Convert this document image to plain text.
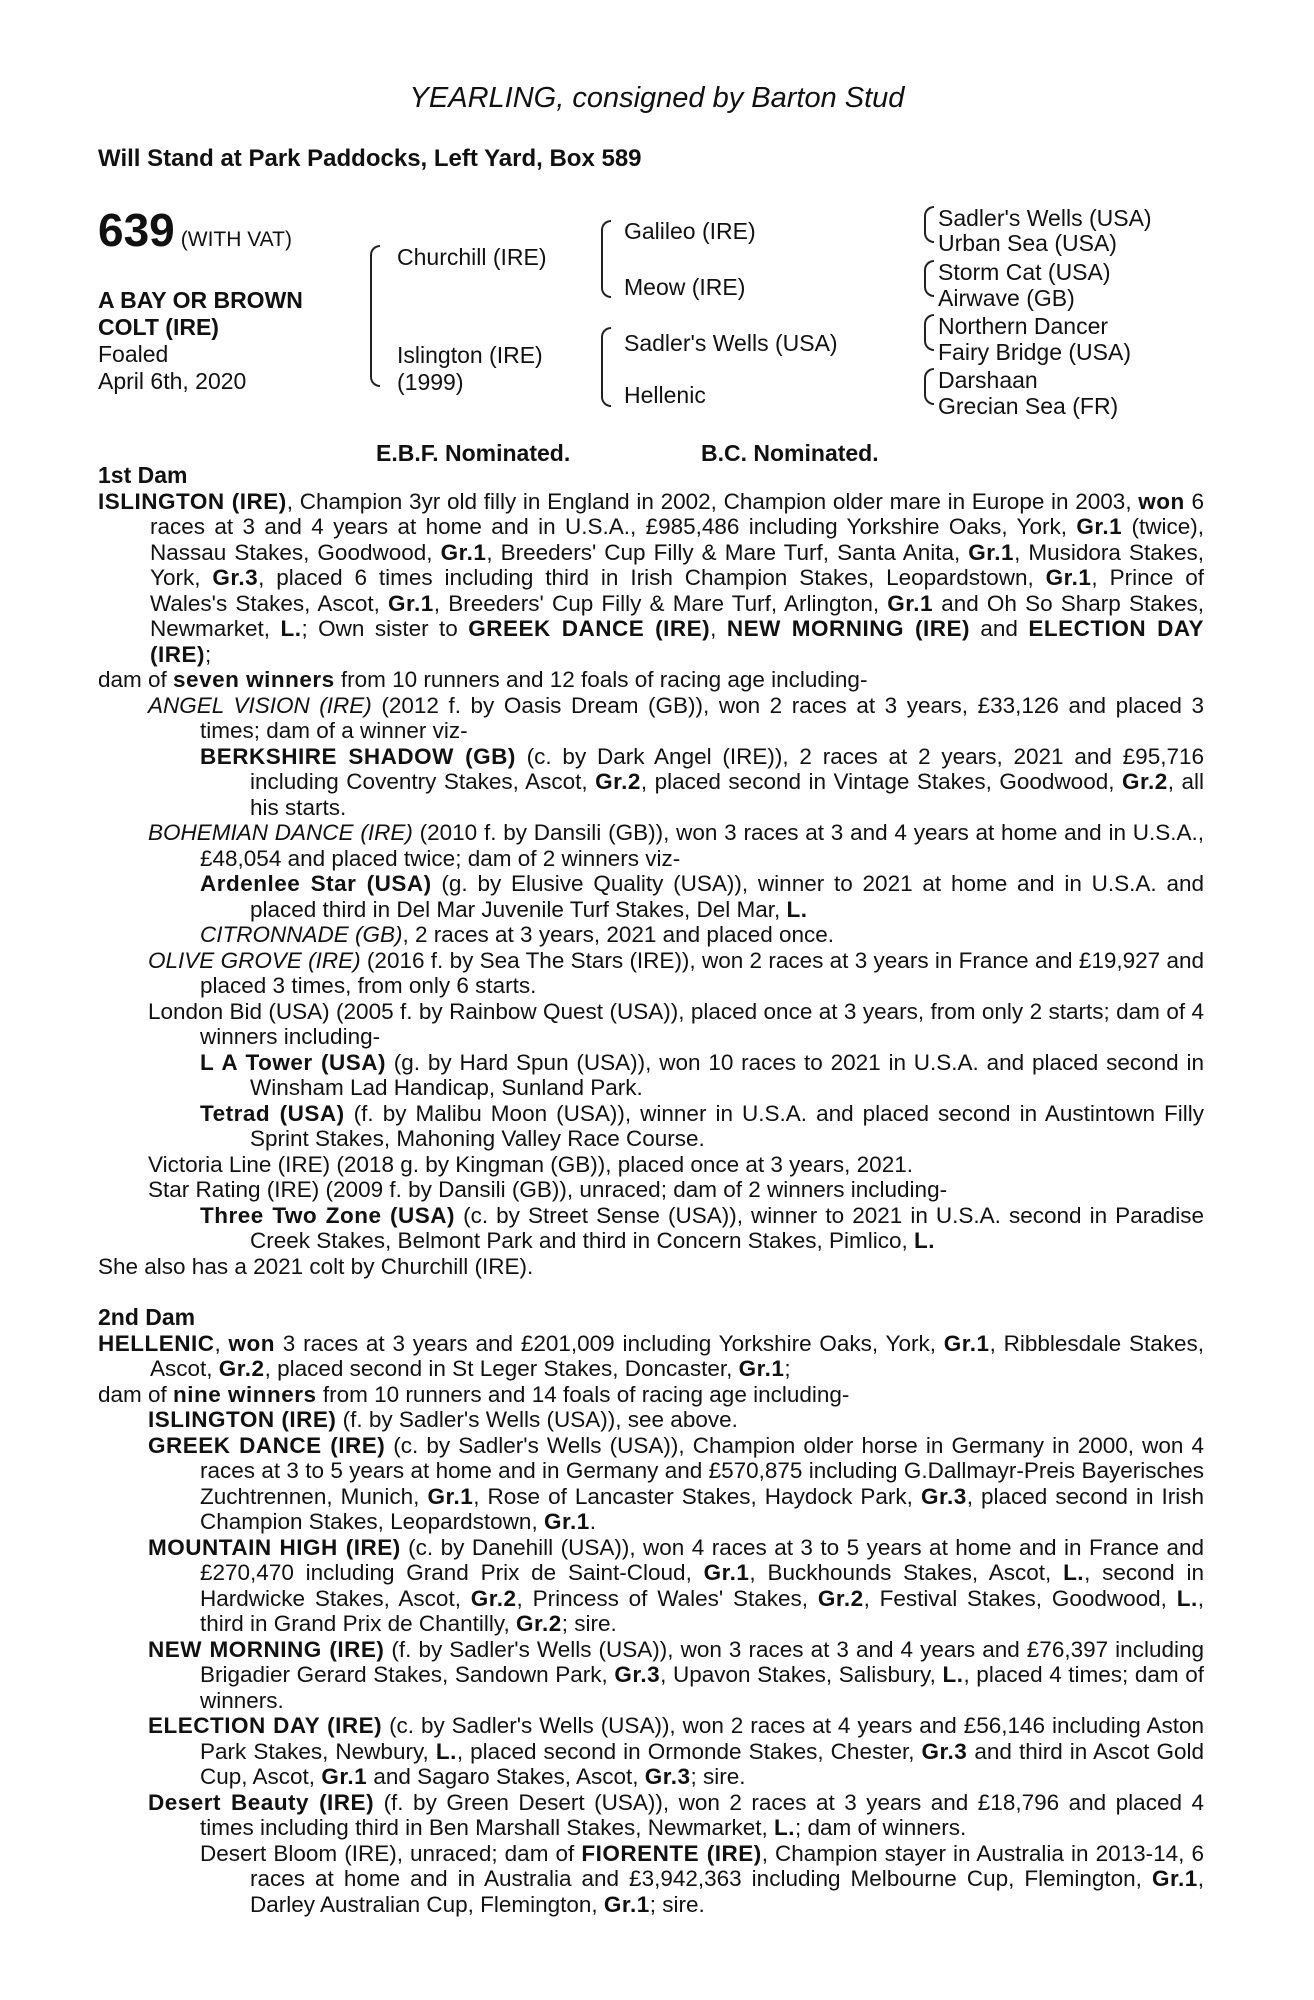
YEARLING, consigned by Barton Stud
Will Stand at Park Paddocks, Left Yard, Box 589
639 (WITH VAT)
A BAY OR BROWN
COLT (IRE)
Foaled
April 6th, 2020
Churchill (IRE)
Islington (IRE)
(1999)
Galileo (IRE)
Meow (IRE)
Sadler's Wells (USA)
Hellenic
Sadler's Wells (USA)
Urban Sea (USA)
Storm Cat (USA)
Airwave (GB)
Northern Dancer
Fairy Bridge (USA)
Darshaan
Grecian Sea (FR)
E.B.F. Nominated.	B.C. Nominated.

1st Dam

ISLINGTON (IRE), Champion 3yr old filly in England in 2002, Champion older mare in Europe in 2003, won 6 races at 3 and 4 years at home and in U.S.A., £985,486 including Yorkshire Oaks, York, Gr.1 (twice), Nassau Stakes, Goodwood, Gr.1, Breeders' Cup Filly & Mare Turf, Santa Anita, Gr.1, Musidora Stakes, York, Gr.3, placed 6 times including third in Irish Champion Stakes, Leopardstown, Gr.1, Prince of Wales's Stakes, Ascot, Gr.1, Breeders' Cup Filly & Mare Turf, Arlington, Gr.1 and Oh So Sharp Stakes, Newmarket, L.; Own sister to GREEK DANCE (IRE), NEW MORNING (IRE) and ELECTION DAY (IRE);

dam of seven winners from 10 runners and 12 foals of racing age including-

ANGEL VISION (IRE) (2012 f. by Oasis Dream (GB)), won 2 races at 3 years, £33,126 and placed 3 times; dam of a winner viz-

BERKSHIRE SHADOW (GB) (c. by Dark Angel (IRE)), 2 races at 2 years, 2021 and £95,716 including Coventry Stakes, Ascot, Gr.2, placed second in Vintage Stakes, Goodwood, Gr.2, all his starts.

BOHEMIAN DANCE (IRE) (2010 f. by Dansili (GB)), won 3 races at 3 and 4 years at home and in U.S.A., £48,054 and placed twice; dam of 2 winners viz-

Ardenlee Star (USA) (g. by Elusive Quality (USA)), winner to 2021 at home and in U.S.A. and placed third in Del Mar Juvenile Turf Stakes, Del Mar, L.

CITRONNADE (GB), 2 races at 3 years, 2021 and placed once.

OLIVE GROVE (IRE) (2016 f. by Sea The Stars (IRE)), won 2 races at 3 years in France and £19,927 and placed 3 times, from only 6 starts.

London Bid (USA) (2005 f. by Rainbow Quest (USA)), placed once at 3 years, from only 2 starts; dam of 4 winners including-

L A Tower (USA) (g. by Hard Spun (USA)), won 10 races to 2021 in U.S.A. and placed second in Winsham Lad Handicap, Sunland Park.

Tetrad (USA) (f. by Malibu Moon (USA)), winner in U.S.A. and placed second in Austintown Filly Sprint Stakes, Mahoning Valley Race Course.

Victoria Line (IRE) (2018 g. by Kingman (GB)), placed once at 3 years, 2021.

Star Rating (IRE) (2009 f. by Dansili (GB)), unraced; dam of 2 winners including-

Three Two Zone (USA) (c. by Street Sense (USA)), winner to 2021 in U.S.A. second in Paradise Creek Stakes, Belmont Park and third in Concern Stakes, Pimlico, L.

She also has a 2021 colt by Churchill (IRE).

2nd Dam

HELLENIC, won 3 races at 3 years and £201,009 including Yorkshire Oaks, York, Gr.1, Ribblesdale Stakes, Ascot, Gr.2, placed second in St Leger Stakes, Doncaster, Gr.1;

dam of nine winners from 10 runners and 14 foals of racing age including-

ISLINGTON (IRE) (f. by Sadler's Wells (USA)), see above.

GREEK DANCE (IRE) (c. by Sadler's Wells (USA)), Champion older horse in Germany in 2000, won 4 races at 3 to 5 years at home and in Germany and £570,875 including G.Dallmayr-Preis Bayerisches Zuchtrennen, Munich, Gr.1, Rose of Lancaster Stakes, Haydock Park, Gr.3, placed second in Irish Champion Stakes, Leopardstown, Gr.1.

MOUNTAIN HIGH (IRE) (c. by Danehill (USA)), won 4 races at 3 to 5 years at home and in France and £270,470 including Grand Prix de Saint-Cloud, Gr.1, Buckhounds Stakes, Ascot, L., second in Hardwicke Stakes, Ascot, Gr.2, Princess of Wales' Stakes, Gr.2, Festival Stakes, Goodwood, L., third in Grand Prix de Chantilly, Gr.2; sire.

NEW MORNING (IRE) (f. by Sadler's Wells (USA)), won 3 races at 3 and 4 years and £76,397 including Brigadier Gerard Stakes, Sandown Park, Gr.3, Upavon Stakes, Salisbury, L., placed 4 times; dam of winners.

ELECTION DAY (IRE) (c. by Sadler's Wells (USA)), won 2 races at 4 years and £56,146 including Aston Park Stakes, Newbury, L., placed second in Ormonde Stakes, Chester, Gr.3 and third in Ascot Gold Cup, Ascot, Gr.1 and Sagaro Stakes, Ascot, Gr.3; sire.

Desert Beauty (IRE) (f. by Green Desert (USA)), won 2 races at 3 years and £18,796 and placed 4 times including third in Ben Marshall Stakes, Newmarket, L.; dam of winners.

Desert Bloom (IRE), unraced; dam of FIORENTE (IRE), Champion stayer in Australia in 2013-14, 6 races at home and in Australia and £3,942,363 including Melbourne Cup, Flemington, Gr.1, Darley Australian Cup, Flemington, Gr.1; sire.
